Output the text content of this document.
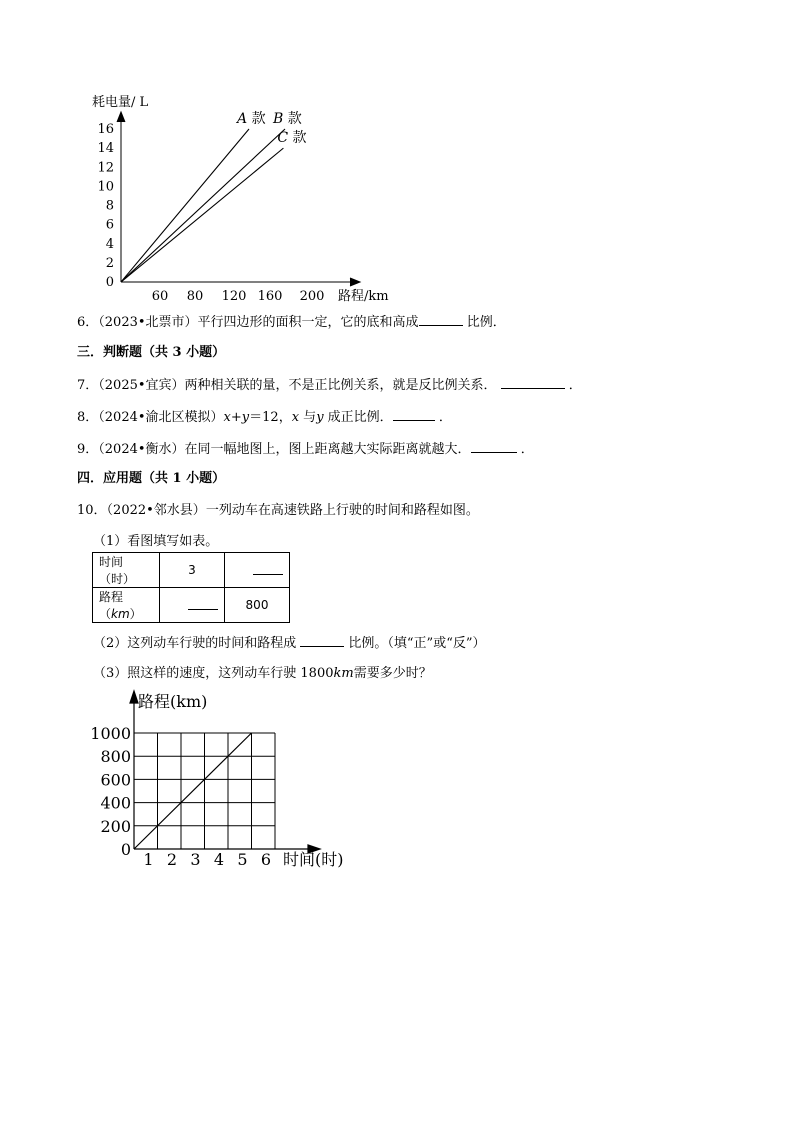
耗电量/ L
16
14
12
10
8
6
4
2
0
60 80 120 160 200
A 款 B 款
C 款
路程/km
6．（2023•北票市）平行四边形的面积一定，它的底和高成	比例．
三．判断题（共 3 小题）
7．（2025•宜宾）两种相关联的量，不是正比例关系，就是反比例关系．	．
8．（2024•渝北区模拟）x+y＝12，x 与y 成正比例．	．
9．（2024•衡水）在同一幅地图上，图上距离越大实际距离就越大．	．
四．应用题（共 1 小题）
10．（2022•邻水县）一列动车在高速铁路上行驶的时间和路程如图。
（1）看图填写如表。
时间（时）	3	
路程（km）		800
（2）这列动车行驶的时间和路程成	比例。（填“正”或“反”）
（3）照这样的速度，这列动车行驶 1800km需要多少时？
路程(km)
1000
800
600
400
200
0
1 2 3 4 5 6 时间(时)
